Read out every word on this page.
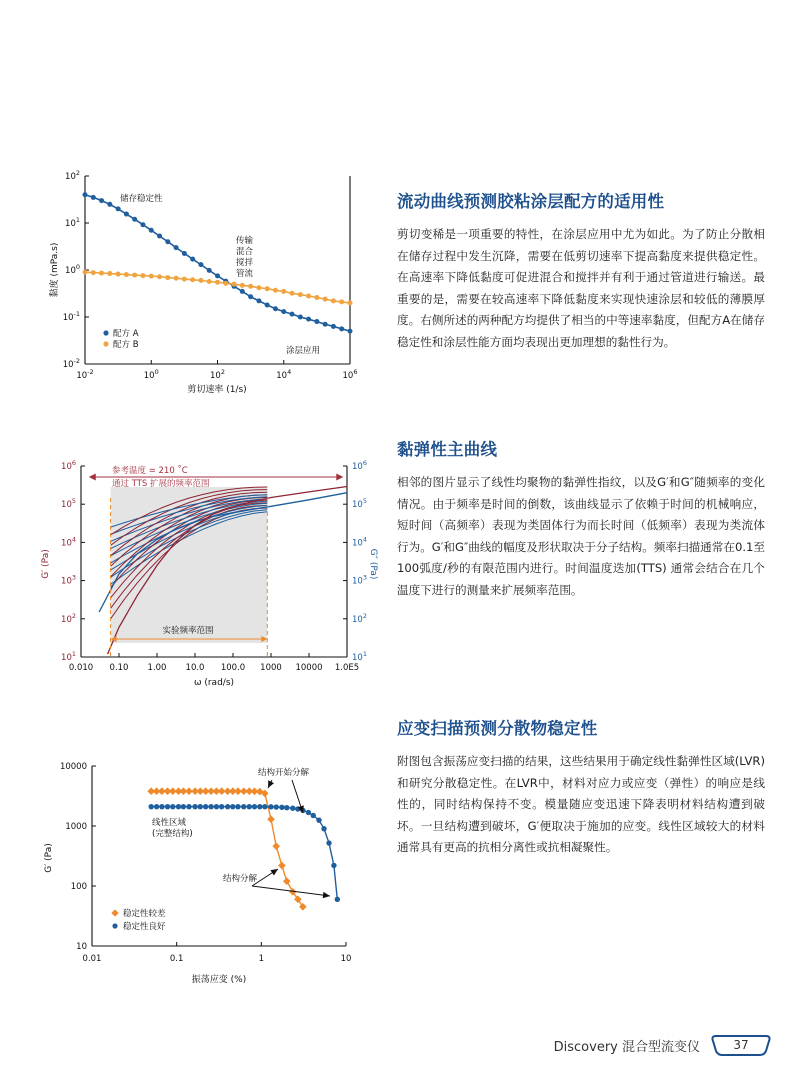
$10^2$
$10^1$
$10^0$
$10^{-1}$
$10^{-2}$
$10^{-2}$	$10^0$	$10^2$	$10^4$	$10^6$
黏度 (mPa.s)
剪切速率 (1/s)
储存稳定性
传输
混合
搅拌
管流
涂层应用
配方 A
配方 B
$10^6$	$10^6$
$10^5$	$10^5$
$10^4$	$10^4$
$10^3$	$10^3$
$10^2$	$10^2$
$10^1$	$10^1$
0.010 0.10 1.00 10.0 100.0 1000 10000 1.0E5
参考温度 = 210 ˚C
通过 TTS 扩展的频率范围
实验频率范围
G′ (Pa)	G″ (Pa)
ω (rad/s)
10000
1000
100
10
0.01	0.1	1	10
结构开始分解
线性区域
(完整结构)
结构分解
G′ (Pa)
振荡应变 (%)
稳定性较差
稳定性良好
流动曲线预测胶粘涂层配方的适用性

剪切变稀是一项重要的特性，在涂层应用中尤为如此。为了防止分散相在储存过程中发生沉降，需要在低剪切速率下提高黏度来提供稳定性。在高速率下降低黏度可促进混合和搅拌并有利于通过管道进行输送。最重要的是，需要在较高速率下降低黏度来实现快速涂层和较低的薄膜厚度。右侧所述的两种配方均提供了相当的中等速率黏度，但配方A在储存稳定性和涂层性能方面均表现出更加理想的黏性行为。

黏弹性主曲线

相邻的图片显示了线性均聚物的黏弹性指纹，以及G′和G″随频率的变化情况。由于频率是时间的倒数，该曲线显示了依赖于时间的机械响应，短时间（高频率）表现为类固体行为而长时间（低频率）表现为类流体行为。G′和G″曲线的幅度及形状取决于分子结构。频率扫描通常在0.1至100弧度/秒的有限范围内进行。时间温度迭加(TTS) 通常会结合在几个温度下进行的测量来扩展频率范围。

应变扫描预测分散物稳定性

附图包含振荡应变扫描的结果，这些结果用于确定线性黏弹性区域(LVR)和研究分散稳定性。在LVR中，材料对应力或应变（弹性）的响应是线性的，同时结构保持不变。模量随应变迅速下降表明材料结构遭到破坏。一旦结构遭到破坏，G′便取决于施加的应变。线性区域较大的材料通常具有更高的抗相分离性或抗相凝聚性。

Discovery 混合型流变仪	37
